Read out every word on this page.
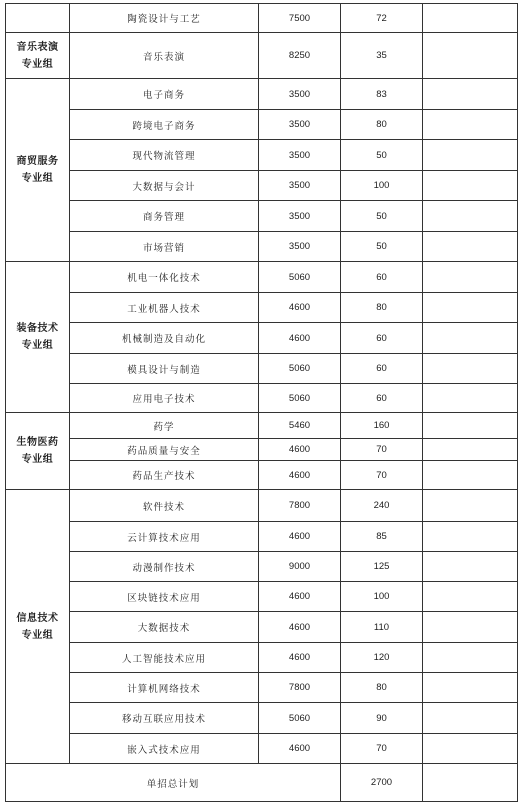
	陶瓷设计与工艺	7500	72	
音乐表演
专业组	音乐表演	8250	35	
商贸服务
专业组	电子商务	3500	83	
	跨境电子商务	3500	80	
	现代物流管理	3500	50	
	大数据与会计	3500	100	
	商务管理	3500	50	
	市场营销	3500	50	
装备技术
专业组	机电一体化技术	5060	60	
	工业机器人技术	4600	80	
	机械制造及自动化	4600	60	
	模具设计与制造	5060	60	
	应用电子技术	5060	60	
生物医药
专业组	药学	5460	160	
	药品质量与安全	4600	70	
	药品生产技术	4600	70	
信息技术
专业组	软件技术	7800	240	
	云计算技术应用	4600	85	
	动漫制作技术	9000	125	
	区块链技术应用	4600	100	
	大数据技术	4600	110	
	人工智能技术应用	4600	120	
	计算机网络技术	7800	80	
	移动互联应用技术	5060	90	
	嵌入式技术应用	4600	70	
单招总计划			2700	
